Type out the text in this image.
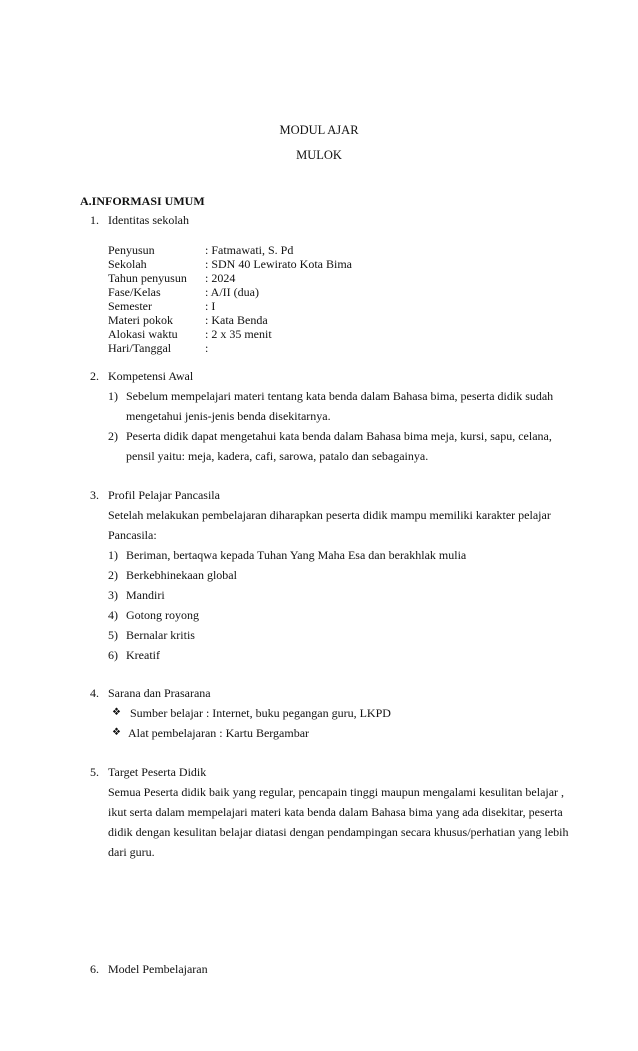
MODUL AJAR
MULOK
A.INFORMASI UMUM
1. Identitas sekolah
Penyusun	: Fatmawati, S. Pd
Sekolah	: SDN 40 Lewirato Kota Bima
Tahun penyusun : 2024
Fase/Kelas	: A/II (dua)
Semester	: I
Materi pokok	: Kata Benda
Alokasi waktu : 2 x 35 menit
Hari/Tanggal	:
2. Kompetensi Awal
1) Sebelum mempelajari materi tentang kata benda dalam Bahasa bima, peserta didik sudah
mengetahui jenis-jenis benda disekitarnya.
2) Peserta didik dapat mengetahui kata benda dalam Bahasa bima meja, kursi, sapu, celana,
pensil yaitu: meja, kadera, cafi, sarowa, patalo dan sebagainya.
3. Profil Pelajar Pancasila
Setelah melakukan pembelajaran diharapkan peserta didik mampu memiliki karakter pelajar
Pancasila:
1) Beriman, bertaqwa kepada Tuhan Yang Maha Esa dan berakhlak mulia
2) Berkebhinekaan global
3) Mandiri
4) Gotong royong
5) Bernalar kritis
6) Kreatif
4. Sarana dan Prasarana
❖ Sumber belajar : Internet, buku pegangan guru, LKPD
❖ Alat pembelajaran : Kartu Bergambar
5. Target Peserta Didik
Semua Peserta didik baik yang regular, pencapain tinggi maupun mengalami kesulitan belajar ,
ikut serta dalam mempelajari materi kata benda dalam Bahasa bima yang ada disekitar, peserta
didik dengan kesulitan belajar diatasi dengan pendampingan secara khusus/perhatian yang lebih
dari guru.
6. Model Pembelajaran
